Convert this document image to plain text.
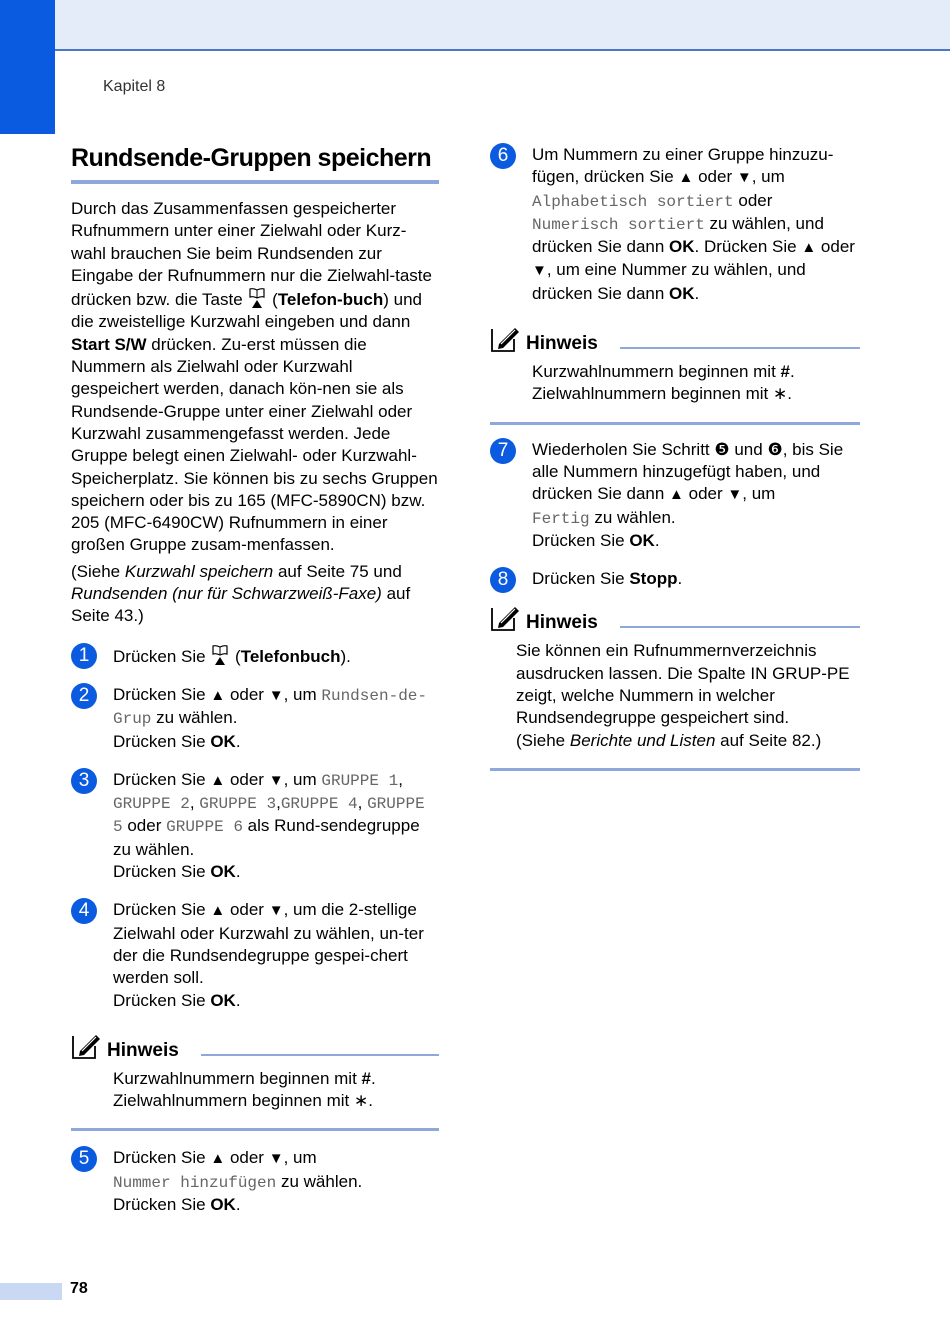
Kapitel 8
Rundsende-Gruppen speichern

Durch das Zusammenfassen gespeicherter Rufnummern unter einer Zielwahl oder Kurz-wahl brauchen Sie beim Rundsenden zur Eingabe der Rufnummern nur die Zielwahl-taste drücken bzw. die Taste  (Telefon-buch) und die zweistellige Kurzwahl eingeben und dann Start S/W drücken. Zu-erst müssen die Nummern als Zielwahl oder Kurzwahl gespeichert werden, danach kön-nen sie als Rundsende-Gruppe unter einer Zielwahl oder Kurzwahl zusammengefasst werden. Jede Gruppe belegt einen Zielwahl- oder Kurzwahl-Speicherplatz. Sie können bis zu sechs Gruppen speichern oder bis zu 165 (MFC-5890CN) bzw. 205 (MFC-6490CW) Rufnummern in einer großen Gruppe zusam-menfassen.

(Siehe Kurzwahl speichern auf Seite 75 und Rundsenden (nur für Schwarzweiß-Faxe) auf Seite 43.)

1	Drücken Sie  (Telefonbuch).
2	Drücken Sie ▲ oder ▼, um Rundsen-de-Grup zu wählen.
Drücken Sie OK.
3	Drücken Sie ▲ oder ▼, um GRUPPE 1, GRUPPE 2, GRUPPE 3,GRUPPE 4, GRUPPE 5 oder GRUPPE 6 als Rund-sendegruppe zu wählen.
Drücken Sie OK.
4	Drücken Sie ▲ oder ▼, um die 2-stellige Zielwahl oder Kurzwahl zu wählen, un-ter der die Rundsendegruppe gespei-chert werden soll.
Drücken Sie OK.
Hinweis
Kurzwahlnummern beginnen mit #.
Zielwahlnummern beginnen mit ∗.
5	Drücken Sie ▲ oder ▼, um
Nummer hinzufügen zu wählen.
Drücken Sie OK.
6	Um Nummern zu einer Gruppe hinzuzu-fügen, drücken Sie ▲ oder ▼, um
Alphabetisch sortiert oder
Numerisch sortiert zu wählen, und drücken Sie dann OK. Drücken Sie ▲ oder ▼, um eine Nummer zu wählen, und drücken Sie dann OK.
Hinweis
Kurzwahlnummern beginnen mit #.
Zielwahlnummern beginnen mit ∗.
7	Wiederholen Sie Schritt ❺ und ❻, bis Sie alle Nummern hinzugefügt haben, und drücken Sie dann ▲ oder ▼, um
Fertig zu wählen.
Drücken Sie OK.
8	Drücken Sie Stopp.
Hinweis
Sie können ein Rufnummernverzeichnis ausdrucken lassen. Die Spalte IN GRUP-PE zeigt, welche Nummern in welcher Rundsendegruppe gespeichert sind.
(Siehe Berichte und Listen auf Seite 82.)
78
